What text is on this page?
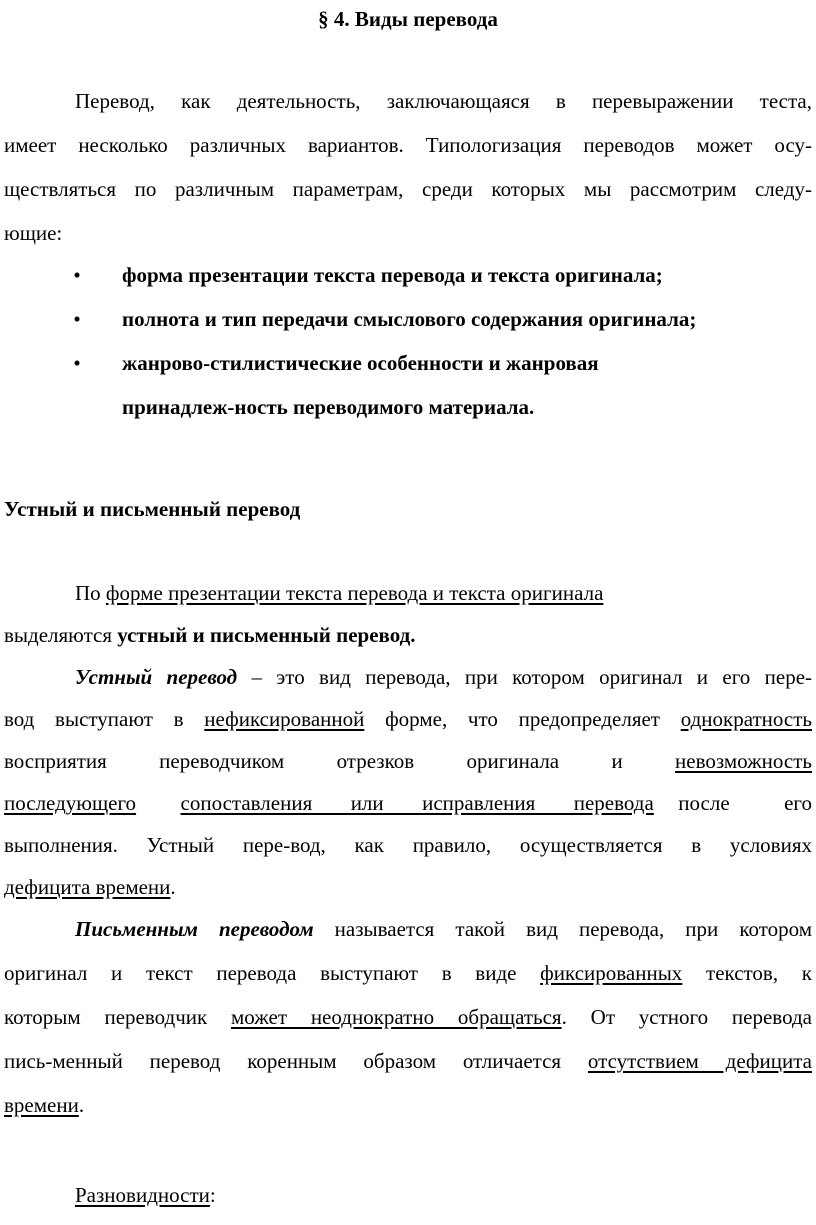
§ 4. Виды перевода
Перевод, как деятельность, заключающаяся в перевыражении теста,
имеет несколько различных вариантов. Типологизация переводов может осу-
ществляться по различным параметрам, среди которых мы рассмотрим следу-
ющие:
• форма презентации текста перевода и текста оригинала;
• полнота и тип передачи смыслового содержания оригинала;
• жанрово-стилистические особенности и жанровая
принадлеж-ность переводимого материала.
Устный и письменный перевод
По форме презентации текста перевода и текста оригинала
выделяются устный и письменный перевод.
Устный перевод – это вид перевода, при котором оригинал и его пере-
вод выступают в нефиксированной форме, что предопределяет однократность
восприятия переводчиком отрезков оригинала и невозможность
последующего сопоставления или исправления перевода после его
выполнения. Устный пере-вод, как правило, осуществляется в условиях
дефицита времени.
Письменным переводом называется такой вид перевода, при котором
оригинал и текст перевода выступают в виде фиксированных текстов, к
которым переводчик может неоднократно обращаться. От устного перевода
пись-менный перевод коренным образом отличается отсутствием дефицита
времени.
Разновидности:
